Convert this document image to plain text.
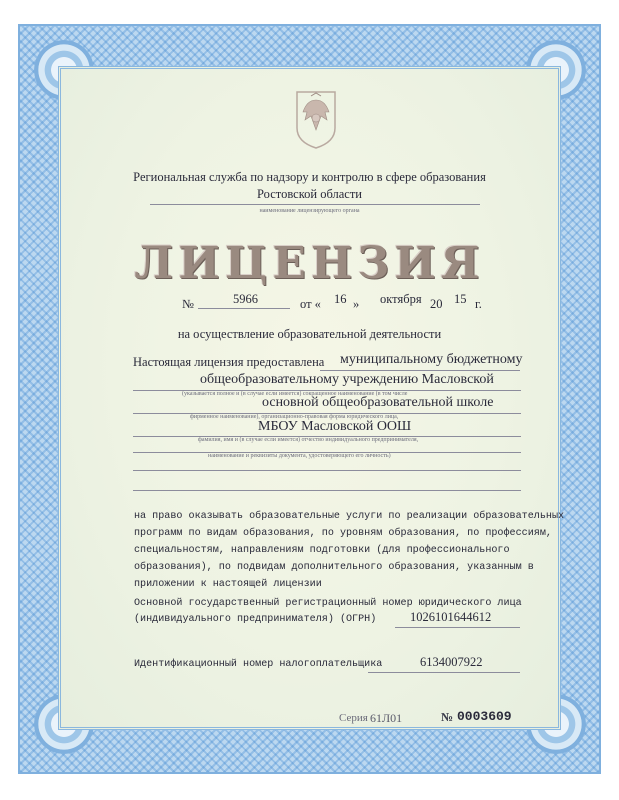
Региональная служба по надзору и контролю в сфере образования
Ростовской области
наименование лицензирующего органа
ЛИЦЕНЗИЯ
№	5966	от « 16 » октября 20 15 г.
на осуществление образовательной деятельности
Настоящая лицензия предоставлена муниципальному бюджетному
общеобразовательному учреждению Масловской
(указывается полное и (в случае если имеется) сокращенное наименование (в том числе
основной общеобразовательной школе
фирменное наименование), организационно-правовая форма юридического лица,
МБОУ Масловской ООШ
фамилия, имя и (в случае если имеется) отчество индивидуального предпринимателя,
наименование и реквизиты документа, удостоверяющего его личность)
на право оказывать образовательные услуги по реализации образовательных
программ по видам образования, по уровням образования, по профессиям,
специальностям, направлениям подготовки (для профессионального
образования), по подвидам дополнительного образования, указанным в
приложении к настоящей лицензии
Основной государственный регистрационный номер юридического лица
(индивидуального предпринимателя) (ОГРН)	1026101644612
Идентификационный номер налогоплательщика	6134007922
Серия 61Л01	№ 0003609
